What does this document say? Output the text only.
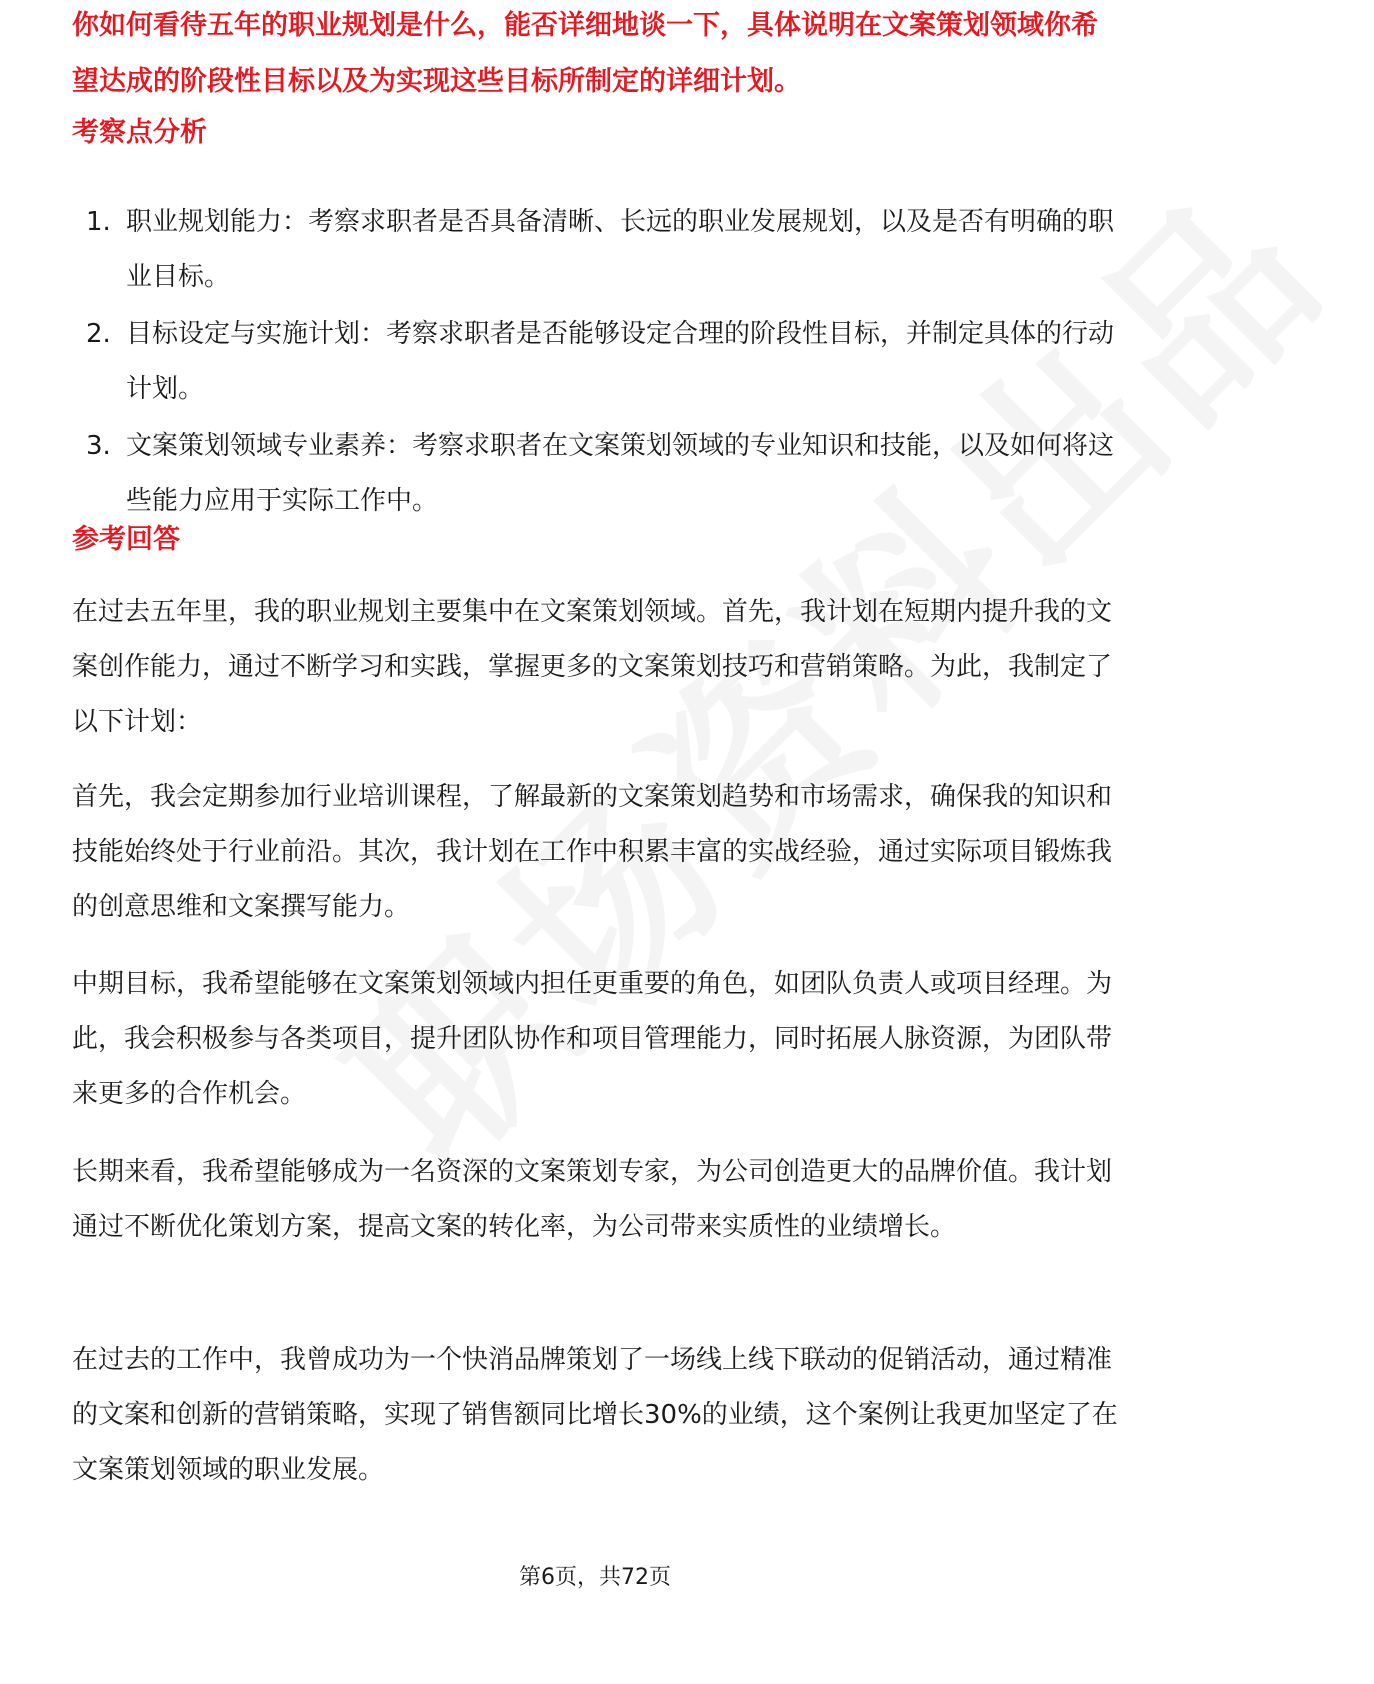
你如何看待五年的职业规划是什么，能否详细地谈一下，具体说明在文案策划领域你希
望达成的阶段性目标以及为实现这些目标所制定的详细计划。
考察点分析
1. 职业规划能力：考察求职者是否具备清晰、长远的职业发展规划，以及是否有明确的职业目标。
2. 目标设定与实施计划：考察求职者是否能够设定合理的阶段性目标，并制定具体的行动计划。
3. 文案策划领域专业素养：考察求职者在文案策划领域的专业知识和技能，以及如何将这些能力应用于实际工作中。
参考回答

在过去五年里，我的职业规划主要集中在文案策划领域。首先，我计划在短期内提升我的文案创作能力，通过不断学习和实践，掌握更多的文案策划技巧和营销策略。为此，我制定了以下计划：

首先，我会定期参加行业培训课程，了解最新的文案策划趋势和市场需求，确保我的知识和技能始终处于行业前沿。其次，我计划在工作中积累丰富的实战经验，通过实际项目锻炼我的创意思维和文案撰写能力。

中期目标，我希望能够在文案策划领域内担任更重要的角色，如团队负责人或项目经理。为此，我会积极参与各类项目，提升团队协作和项目管理能力，同时拓展人脉资源，为团队带来更多的合作机会。

长期来看，我希望能够成为一名资深的文案策划专家，为公司创造更大的品牌价值。我计划通过不断优化策划方案，提高文案的转化率，为公司带来实质性的业绩增长。

在过去的工作中，我曾成功为一个快消品牌策划了一场线上线下联动的促销活动，通过精准的文案和创新的营销策略，实现了销售额同比增长30%的业绩，这个案例让我更加坚定了在文案策划领域的职业发展。

第6页，共72页
